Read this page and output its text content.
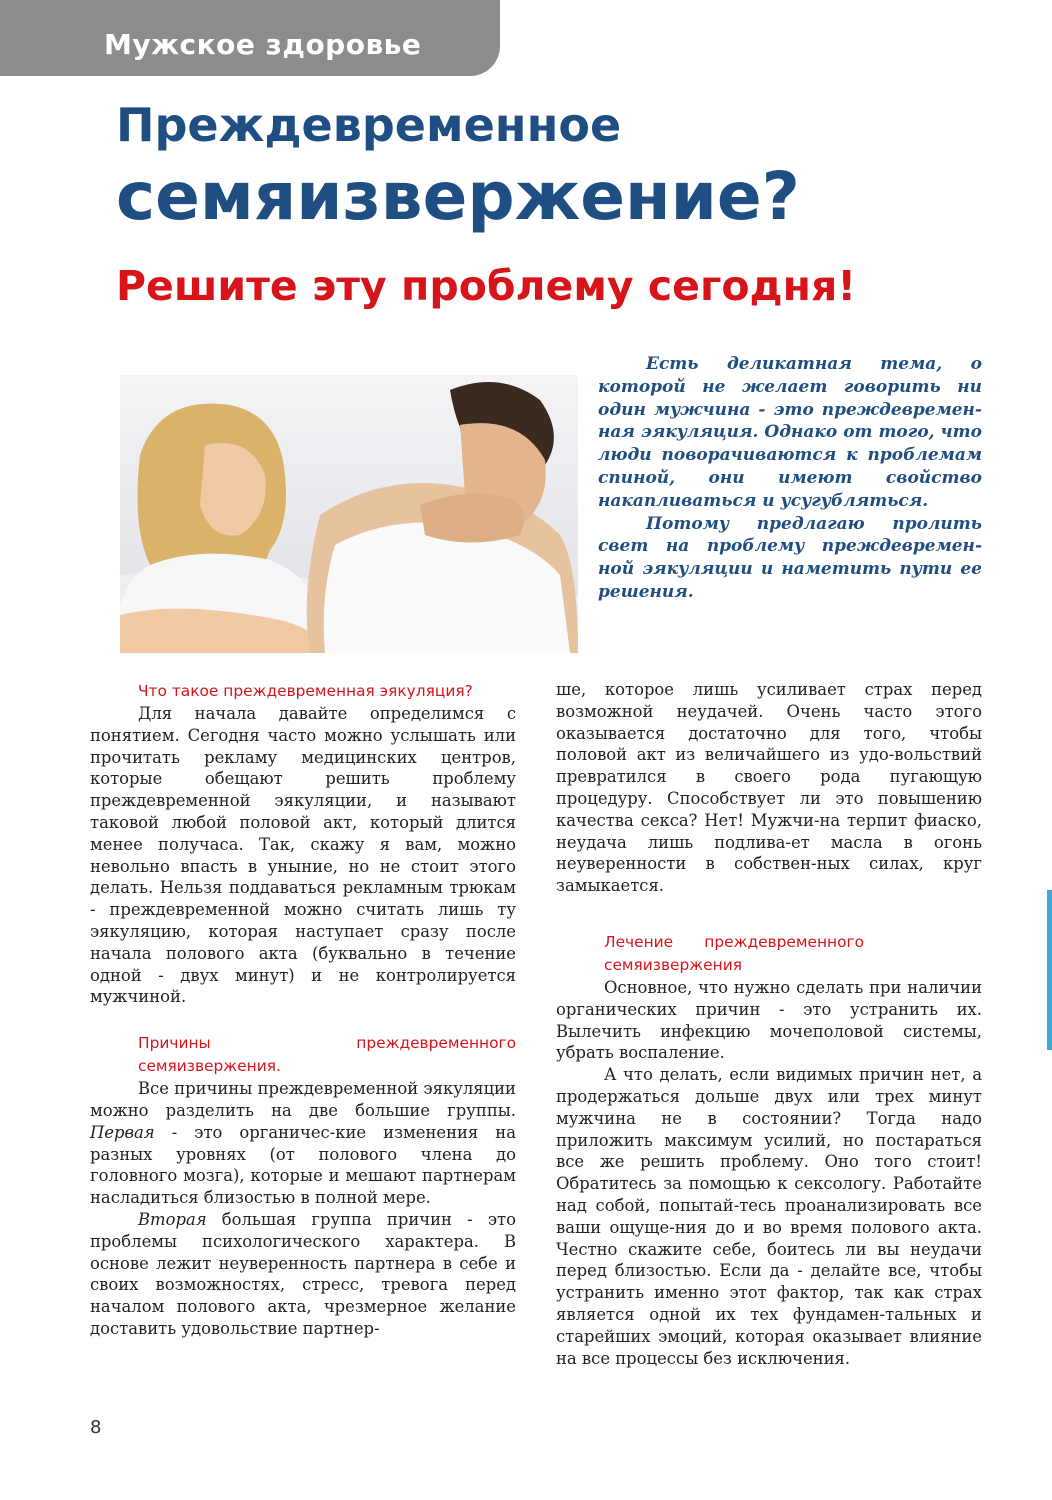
Мужское здоровье
Преждевременное
семяизвержение?
Решите эту проблему сегодня!

Есть деликатная тема, о которой не желает говорить ни один мужчина - это преждевремен-ная эякуляция. Однако от того, что люди поворачиваются к проблемам спиной, они имеют свойство накапливаться и усугубляться.

Потому предлагаю пролить свет на проблему преждевремен-ной эякуляции и наметить пути ее решения.

Что такое преждевременная эякуляция?

Для начала давайте определимся с понятием. Сегодня часто можно услышать или прочитать рекламу медицинских центров, которые обещают решить проблему преждевременной эякуляции, и называют таковой любой половой акт, который длится менее получаса. Так, скажу я вам, можно невольно впасть в уныние, но не стоит этого делать. Нельзя поддаваться рекламным трюкам - преждевременной можно считать лишь ту эякуляцию, которая наступает сразу после начала полового акта (буквально в течение одной - двух минут) и не контролируется мужчиной.

Причины преждевременного семяизвержения.

Все причины преждевременной эякуляции можно разделить на две большие группы. Первая - это органичес-кие изменения на разных уровнях (от полового члена до головного мозга), которые и мешают партнерам насладиться близостью в полной мере.

Вторая большая группа причин - это проблемы психологического характера. В основе лежит неуверенность партнера в себе и своих возможностях, стресс, тревога перед началом полового акта, чрезмерное желание доставить удовольствие партнер-

ше, которое лишь усиливает страх перед возможной неудачей. Очень часто этого оказывается достаточно для того, чтобы половой акт из величайшего из удо-вольствий превратился в своего рода пугающую процедуру. Способствует ли это повышению качества секса? Нет! Мужчи-на терпит фиаско, неудача лишь подлива-ет масла в огонь неуверенности в собствен-ных силах, круг замыкается.

Лечение преждевременного семяизвержения

Основное, что нужно сделать при наличии органических причин - это устранить их. Вылечить инфекцию мочеполовой системы, убрать воспаление.

А что делать, если видимых причин нет, а продержаться дольше двух или трех минут мужчина не в состоянии? Тогда надо приложить максимум усилий, но постараться все же решить проблему. Оно того стоит! Обратитесь за помощью к сексологу. Работайте над собой, попытай-тесь проанализировать все ваши ощуще-ния до и во время полового акта. Честно скажите себе, боитесь ли вы неудачи перед близостью. Если да - делайте все, чтобы устранить именно этот фактор, так как страх является одной их тех фундамен-тальных и старейших эмоций, которая оказывает влияние на все процессы без исключения.

8
